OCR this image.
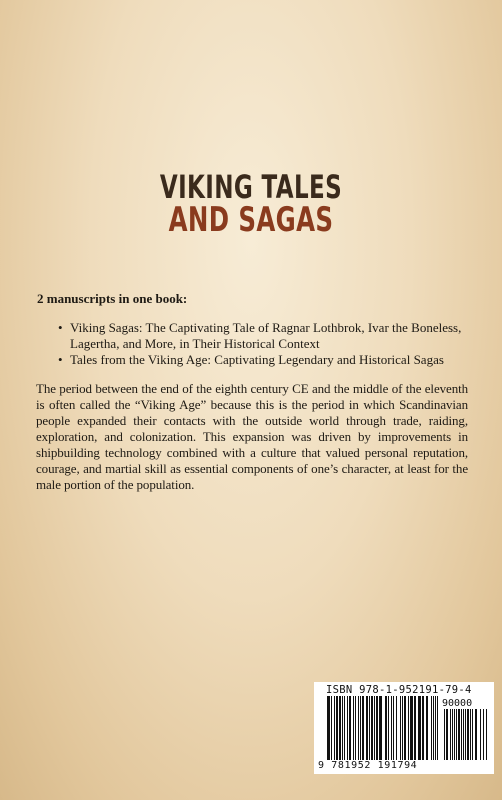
VIKING TALES
AND SAGAS

2 manuscripts in one book:

• Viking Sagas: The Captivating Tale of Ragnar Lothbrok, Ivar the Boneless, Lagertha, and More, in Their Historical Context
• Tales from the Viking Age: Captivating Legendary and Historical Sagas

The period between the end of the eighth century CE and the middle of the eleventh is often called the “Viking Age” because this is the period in which Scandinavian people expanded their contacts with the outside world through trade, raiding, exploration, and colonization. This expansion was driven by improvements in shipbuilding technology combined with a culture that valued personal reputation, courage, and martial skill as essential components of one’s character, at least for the male portion of the population.

ISBN 978-1-952191-79-4
90000
9 781952 191794
